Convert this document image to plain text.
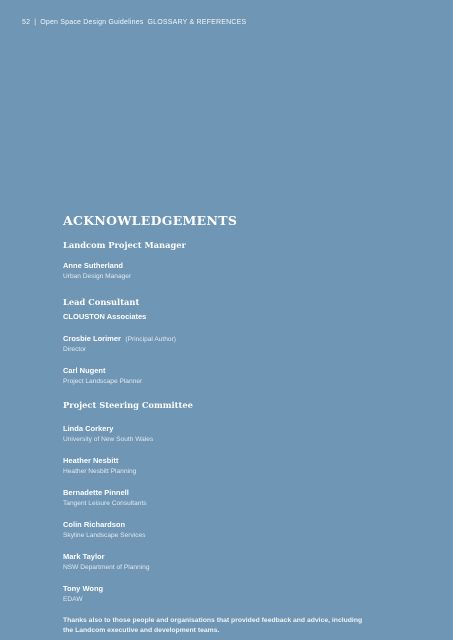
52 | Open Space Design Guidelines GLOSSARY & REFERENCES
ACKNOWLEDGEMENTS
Landcom Project Manager
Anne Sutherland
Urban Design Manager
Lead Consultant
CLOUSTON Associates
Crosbie Lorimer (Principal Author)
Director
Carl Nugent
Project Landscape Planner
Project Steering Committee
Linda Corkery
University of New South Wales
Heather Nesbitt
Heather Nesbitt Planning
Bernadette Pinnell
Tangent Leisure Consultants
Colin Richardson
Skyline Landscape Services
Mark Taylor
NSW Department of Planning
Tony Wong
EDAW
Thanks also to those people and organisations that provided feedback and advice, including the Landcom executive and development teams.
